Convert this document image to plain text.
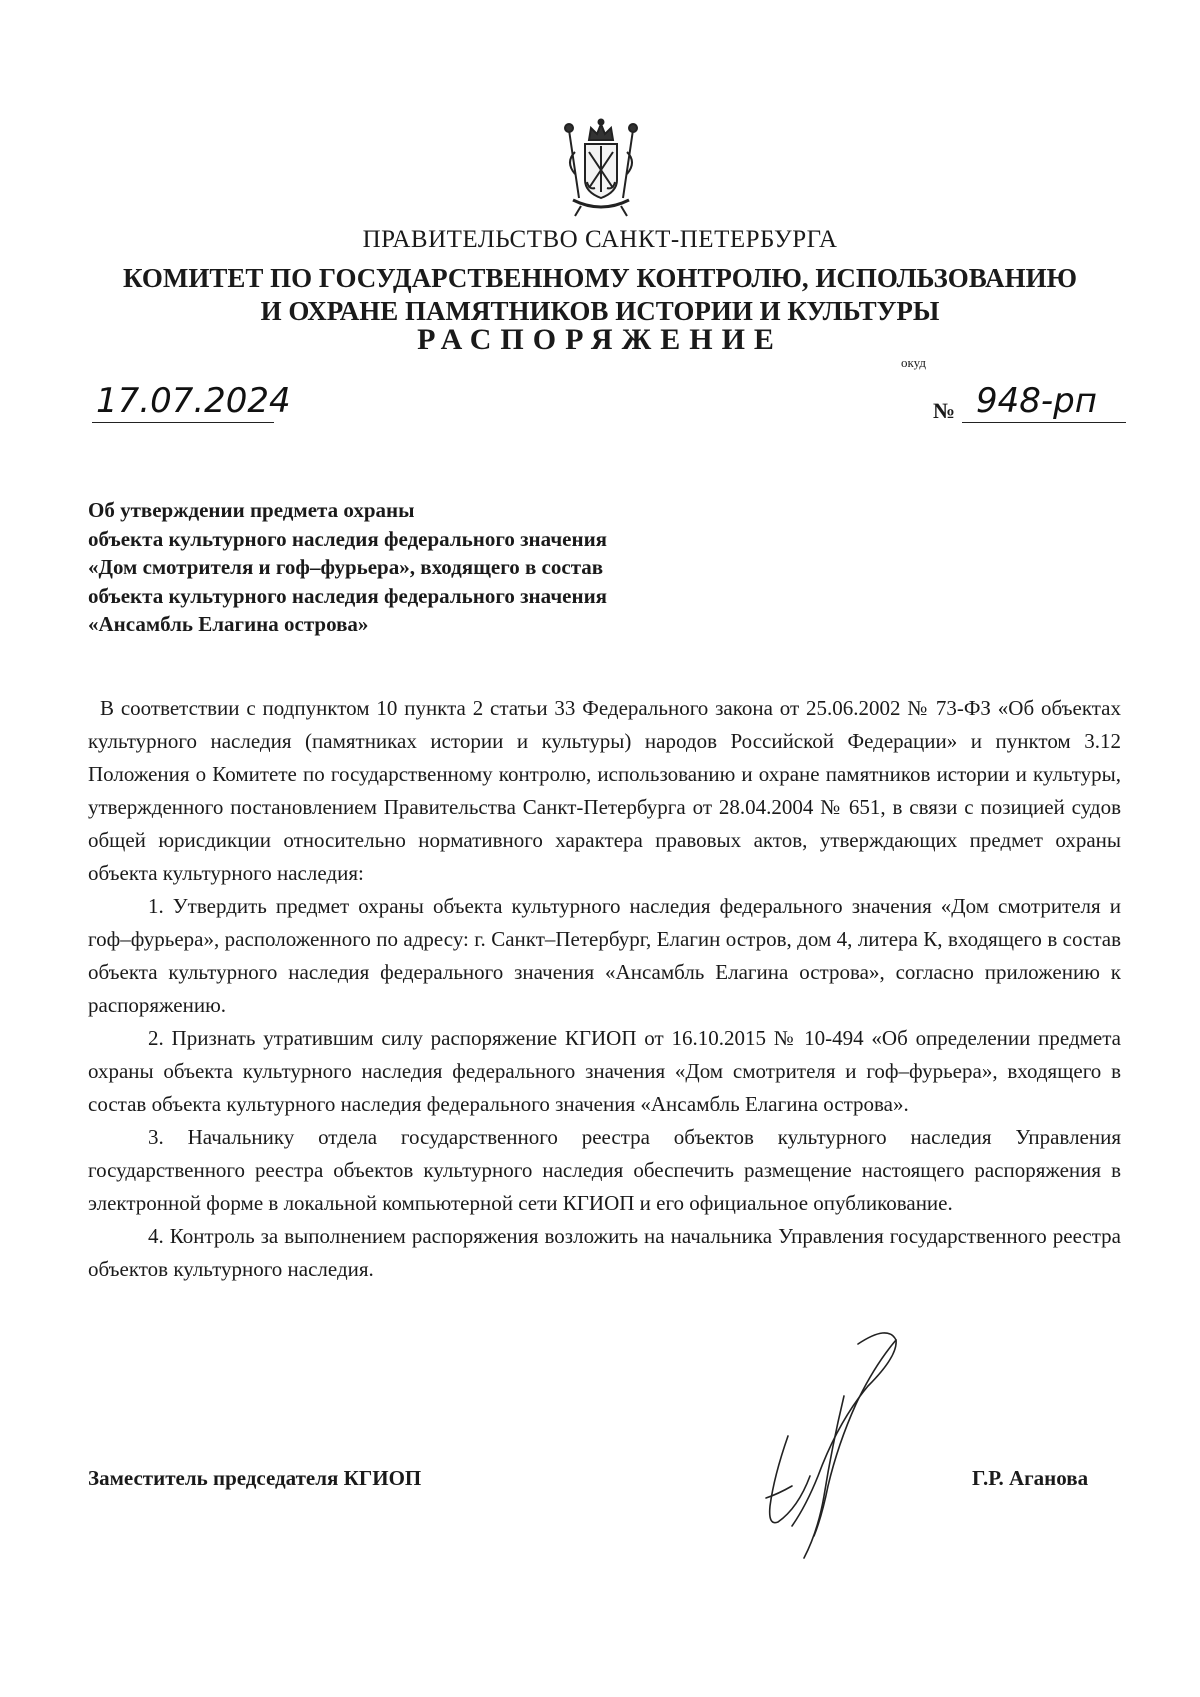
ПРАВИТЕЛЬСТВО САНКТ-ПЕТЕРБУРГА
КОМИТЕТ ПО ГОСУДАРСТВЕННОМУ КОНТРОЛЮ, ИСПОЛЬЗОВАНИЮ
И ОХРАНЕ ПАМЯТНИКОВ ИСТОРИИ И КУЛЬТУРЫ
РАСПОРЯЖЕНИЕ
окуд
17.07.2024	№ 948-рп
Об утверждении предмета охраны
объекта культурного наследия федерального значения
«Дом смотрителя и гоф–фурьера», входящего в состав
объекта культурного наследия федерального значения
«Ансамбль Елагина острова»

В соответствии с подпунктом 10 пункта 2 статьи 33 Федерального закона от 25.06.2002 № 73-ФЗ «Об объектах культурного наследия (памятниках истории и культуры) народов Российской Федерации» и пунктом 3.12 Положения о Комитете по государственному контролю, использованию и охране памятников истории и культуры, утвержденного постановлением Правительства Санкт-Петербурга от 28.04.2004 № 651, в связи с позицией судов общей юрисдикции относительно нормативного характера правовых актов, утверждающих предмет охраны объекта культурного наследия:

1. Утвердить предмет охраны объекта культурного наследия федерального значения «Дом смотрителя и гоф–фурьера», расположенного по адресу: г. Санкт–Петербург, Елагин остров, дом 4, литера К, входящего в состав объекта культурного наследия федерального значения «Ансамбль Елагина острова», согласно приложению к распоряжению.

2. Признать утратившим силу распоряжение КГИОП от 16.10.2015 № 10-494 «Об определении предмета охраны объекта культурного наследия федерального значения «Дом смотрителя и гоф–фурьера», входящего в состав объекта культурного наследия федерального значения «Ансамбль Елагина острова».

3. Начальнику отдела государственного реестра объектов культурного наследия Управления государственного реестра объектов культурного наследия обеспечить размещение настоящего распоряжения в электронной форме в локальной компьютерной сети КГИОП и его официальное опубликование.

4. Контроль за выполнением распоряжения возложить на начальника Управления государственного реестра объектов культурного наследия.

Заместитель председателя КГИОП	Г.Р. Аганова
